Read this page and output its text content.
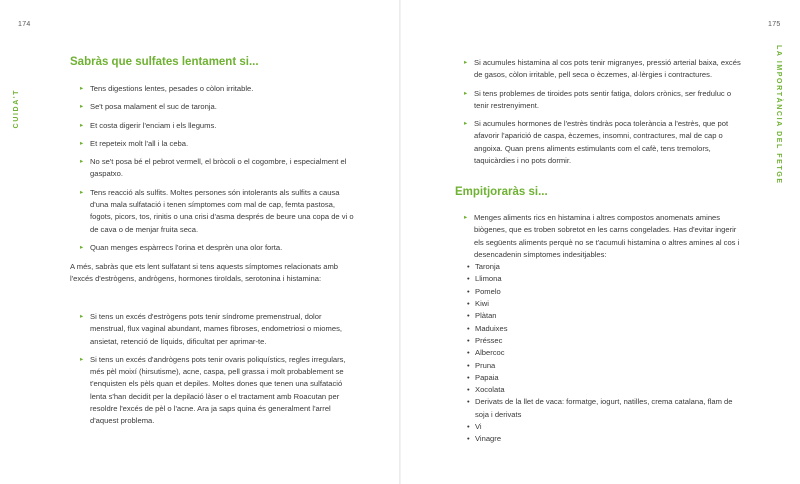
174
CUIDA'T
Sabràs que sulfates lentament si...
▸ Tens digestions lentes, pesades o còlon irritable.
▸ Se't posa malament el suc de taronja.
▸ Et costa digerir l'enciam i els llegums.
▸ Et repeteix molt l'all i la ceba.
▸ No se't posa bé el pebrot vermell, el bròcoli o el cogombre, i especialment el gaspatxo.
▸ Tens reacció als sulfits. Moltes persones són intolerants als sulfits a causa d'una mala sulfatació i tenen símptomes com mal de cap, femta pastosa, fogots, picors, tos, rinitis o una crisi d'asma després de beure una copa de vi o de cava o de menjar fruita seca.
▸ Quan menges espàrrecs l'orina et desprèn una olor forta.

A més, sabràs que ets lent sulfatant si tens aquests símptomes relacionats amb l'excés d'estrògens, andrògens, hormones tiroïdals, serotonina i histamina:

▸ Si tens un excés d'estrògens pots tenir síndrome premenstrual, dolor menstrual, flux vaginal abundant, mames fibroses, endometriosi o miomes, ansietat, retenció de líquids, dificultat per aprimar-te.
▸ Si tens un excés d'andrògens pots tenir ovaris poliquístics, regles irregulars, més pèl moixí (hirsutisme), acne, caspa, pell grassa i molt probablement se t'enquisten els pèls quan et depiles. Moltes dones que tenen una sulfatació lenta s'han decidit per la depilació làser o el tractament amb Roacutan per resoldre l'excés de pèl o l'acne. Ara ja saps quina és generalment l'arrel d'aquest problema.
175
LA IMPORTÀNCIA DEL FETGE
▸ Si acumules histamina al cos pots tenir migranyes, pressió arterial baixa, excés de gasos, còlon irritable, pell seca o èczemes, al·lèrgies i contractures.
▸ Si tens problemes de tiroides pots sentir fatiga, dolors crònics, ser freduluc o tenir restrenyiment.
▸ Si acumules hormones de l'estrès tindràs poca tolerància a l'estrès, que pot afavorir l'aparició de caspa, èczemes, insomni, contractures, mal de cap o angoixa. Quan prens aliments estimulants com el cafè, tens tremolors, taquicàrdies i no pots dormir.
Empitjoraràs si...
▸ Menges aliments rics en histamina i altres compostos anomenats amines biògenes, que es troben sobretot en les carns congelades. Has d'evitar ingerir els següents aliments perquè no se t'acumuli histamina o altres amines al cos i desencadenin símptomes indesitjables:
• Taronja
• Llimona
• Pomelo
• Kiwi
• Plàtan
• Maduixes
• Préssec
• Albercoc
• Pruna
• Papaia
• Xocolata
• Derivats de la llet de vaca: formatge, iogurt, natilles, crema catalana, flam de soja i derivats
• Vi
• Vinagre
